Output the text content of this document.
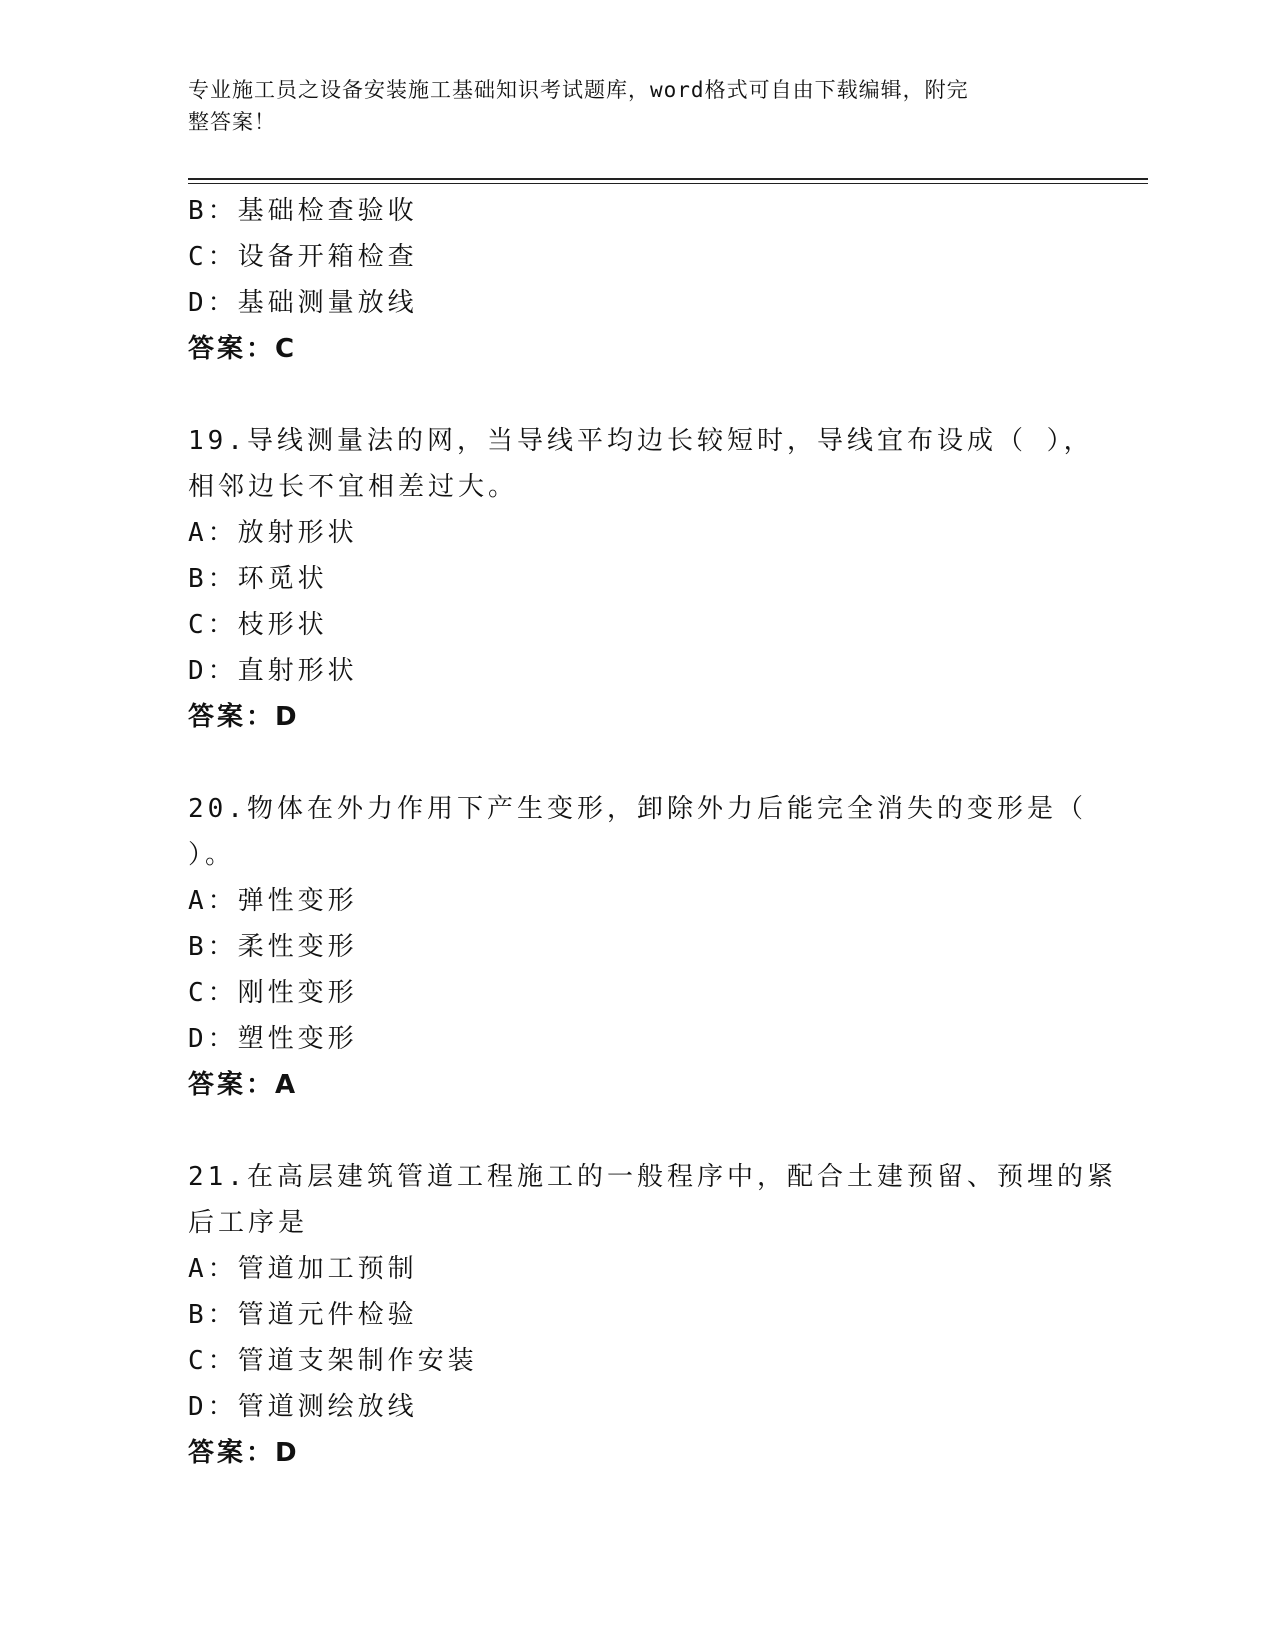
专业施工员之设备安装施工基础知识考试题库，word格式可自由下载编辑，附完
整答案！
B：基础检查验收
C：设备开箱检查
D：基础测量放线
答案：C
19.导线测量法的网，当导线平均边长较短时，导线宜布设成（ ），
相邻边长不宜相差过大。
A：放射形状
B：环觅状
C：枝形状
D：直射形状
答案：D
20.物体在外力作用下产生变形，卸除外力后能完全消失的变形是（
）。
A：弹性变形
B：柔性变形
C：刚性变形
D：塑性变形
答案：A
21.在高层建筑管道工程施工的一般程序中，配合土建预留、预埋的紧
后工序是
A：管道加工预制
B：管道元件检验
C：管道支架制作安装
D：管道测绘放线
答案：D
